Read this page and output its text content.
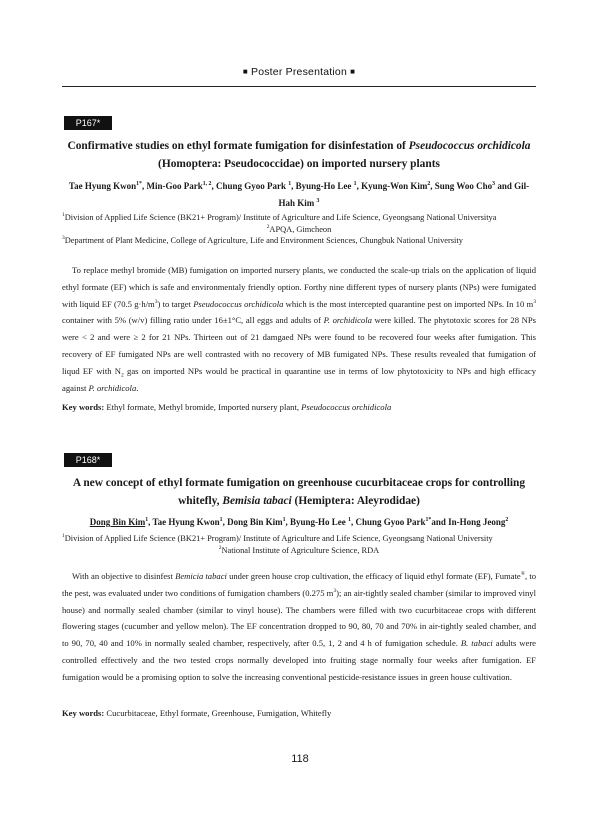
■ Poster Presentation ■
P167*
Confirmative studies on ethyl formate fumigation for disinfestation of Pseudococcus orchidicola (Homoptera: Pseudococcidae) on imported nursery plants
Tae Hyung Kwon$^{1*}$, Min-Goo Park$^{1, 2}$, Chung Gyoo Park $^1$, Byung-Ho Lee $^1$, Kyung-Won Kim$^2$, Sung Woo Cho$^3$ and Gil-Hah Kim $^3$
$^1$Division of Applied Life Science (BK21+ Program)/ Institute of Agriculture and Life Science, Gyeongsang National Universitya
$^2$APQA, Gimcheon
$^3$Department of Plant Medicine, College of Agriculture, Life and Environment Sciences, Chungbuk National University
To replace methyl bromide (MB) fumigation on imported nursery plants, we conducted the scale-up trials on the application of liquid ethyl formate (EF) which is safe and environmentaly friendly option. Forthy nine different types of nursery plants (NPs) were fumigated with liquid EF (70.5 $g\cdot h/m^3$) to target Pseudococcus orchidicola which is the most intercepted quarantine pest on imported NPs. In 10 $m^3$ container with 5% (w/v) filling ratio under 16±1°C, all eggs and adults of P. orchidicola were killed. The phytotoxic scores for 28 NPs were < 2 and were ≥ 2 for 21 NPs. Thirteen out of 21 damgaed NPs were found to be recovered four weeks after fumigation. This recovery of EF fumigated NPs are well contrasted with no recovery of MB fumigated NPs. These results revealed that fumigation of liqud EF with $N_2$ gas on imported NPs would be practical in quarantine use in terms of low phytotoxicity to NPs and high efficacy against P. orchidicola.
Key words: Ethyl formate, Methyl bromide, Imported nursery plant, Pseudococcus orchidicola
P168*
A new concept of ethyl formate fumigation on greenhouse cucurbitaceae crops for controlling whitefly, Bemisia tabaci (Hemiptera: Aleyrodidae)
Dong Bin Kim$^1$, Tae Hyung Kwon$^1$, Dong Bin Kim$^1$, Byung-Ho Lee $^1$, Chung Gyoo Park$^{1*}$and In-Hong Jeong$^2$
$^1$Division of Applied Life Science (BK21+ Program)/ Institute of Agriculture and Life Science, Gyeongsang National University
$^2$National Institute of Agriculture Science, RDA
With an objective to disinfest Bemicia tabaci under green house crop cultivation, the efficacy of liquid ethyl formate (EF), Fumate®, to the pest, was evaluated under two conditions of fumigation chambers (0.275 $m^3$); an air-tightly sealed chamber (similar to improved vinyl house) and normally sealed chamber (similar to vinyl house). The chambers were filled with two cucurbitaceae crops with different flowering stages (cucumber and yellow melon). The EF concentration dropped to 90, 80, 70 and 70% in air-tightly sealed chamber, and to 90, 70, 40 and 10% in normally sealed chamber, respectively, after 0.5, 1, 2 and 4 h of fumigation schedule. B. tabaci adults were controlled effectively and the two tested crops normally developed into fruiting stage normally four weeks after fumigation. EF fumigation would be a promising option to solve the increasing conventional pesticide-resistance issues in green house cultivation.
Key words: Cucurbitaceae, Ethyl formate, Greenhouse, Fumigation, Whitefly
118
